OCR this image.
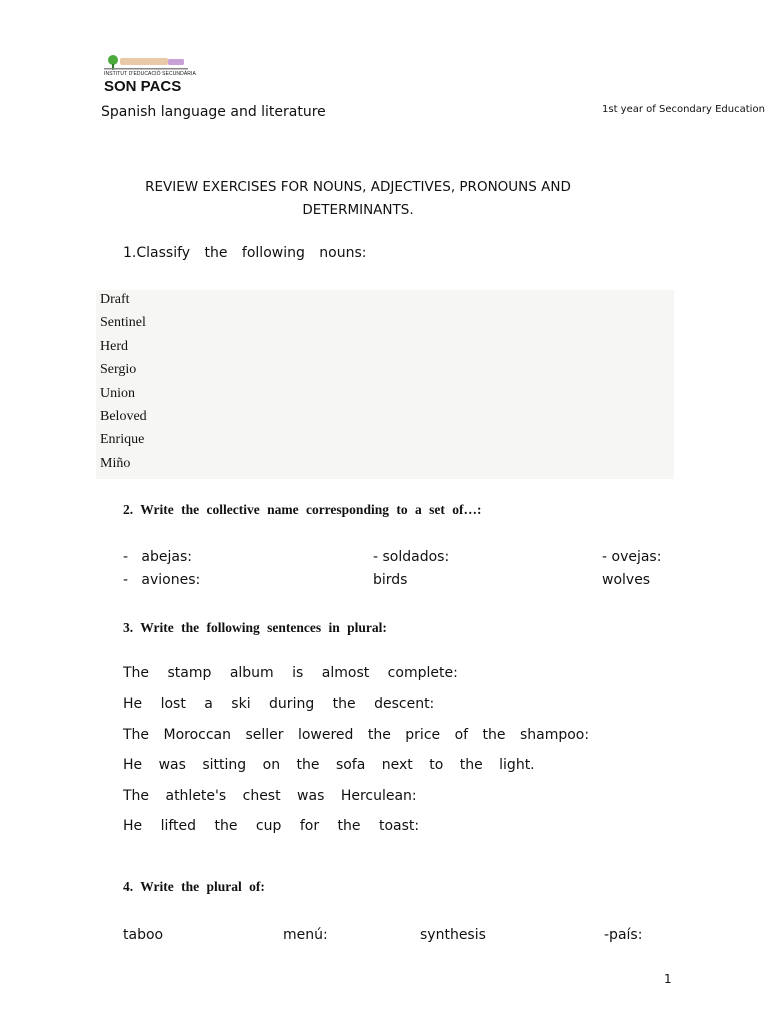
INSTITUT D'EDUCACIÓ SECUNDÀRIA
SON PACS
Spanish language and literature	1st year of Secondary Education
REVIEW EXERCISES FOR NOUNS, ADJECTIVES, PRONOUNS AND
DETERMINANTS.
1.Classify the following nouns:
Draft
Sentinel
Herd
Sergio
Union
Beloved
Enrique
Miño
2. Write the collective name corresponding to a set of…:
-   abejas:	- soldados:	- ovejas:
-   aviones:	birds	wolves
3. Write the following sentences in plural:
The stamp album is almost complete:
He lost a ski during the descent:
The Moroccan seller lowered the price of the shampoo:
He was sitting on the sofa next to the light.
The athlete's chest was Herculean:
He lifted the cup for the toast:
4. Write the plural of:
taboo	menú:	synthesis	-país:
1
